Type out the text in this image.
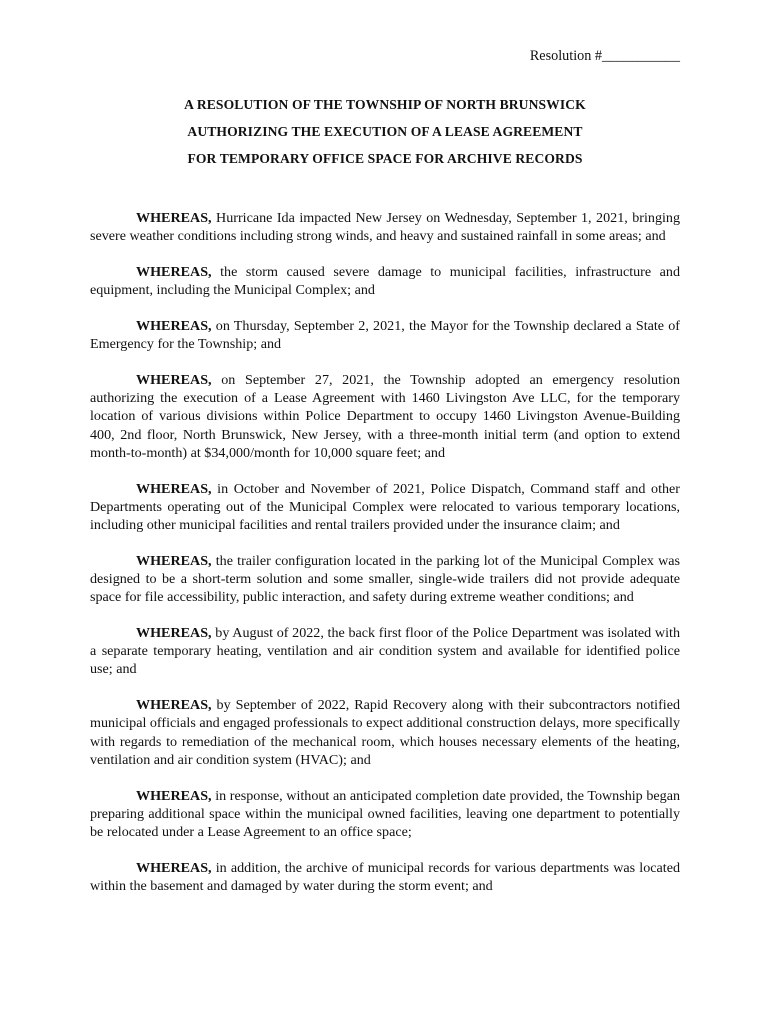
Resolution #___________
A RESOLUTION OF THE TOWNSHIP OF NORTH BRUNSWICK
AUTHORIZING THE EXECUTION OF A LEASE AGREEMENT
FOR TEMPORARY OFFICE SPACE FOR ARCHIVE RECORDS

WHEREAS, Hurricane Ida impacted New Jersey on Wednesday, September 1, 2021, bringing severe weather conditions including strong winds, and heavy and sustained rainfall in some areas; and

WHEREAS, the storm caused severe damage to municipal facilities, infrastructure and equipment, including the Municipal Complex; and

WHEREAS, on Thursday, September 2, 2021, the Mayor for the Township declared a State of Emergency for the Township; and

WHEREAS, on September 27, 2021, the Township adopted an emergency resolution authorizing the execution of a Lease Agreement with 1460 Livingston Ave LLC, for the temporary location of various divisions within Police Department to occupy 1460 Livingston Avenue-Building 400, 2nd floor, North Brunswick, New Jersey, with a three-month initial term (and option to extend month-to-month) at $34,000/month for 10,000 square feet; and

WHEREAS, in October and November of 2021, Police Dispatch, Command staff and other Departments operating out of the Municipal Complex were relocated to various temporary locations, including other municipal facilities and rental trailers provided under the insurance claim; and

WHEREAS, the trailer configuration located in the parking lot of the Municipal Complex was designed to be a short-term solution and some smaller, single-wide trailers did not provide adequate space for file accessibility, public interaction, and safety during extreme weather conditions; and

WHEREAS, by August of 2022, the back first floor of the Police Department was isolated with a separate temporary heating, ventilation and air condition system and available for identified police use; and

WHEREAS, by September of 2022, Rapid Recovery along with their subcontractors notified municipal officials and engaged professionals to expect additional construction delays, more specifically with regards to remediation of the mechanical room, which houses necessary elements of the heating, ventilation and air condition system (HVAC); and

WHEREAS, in response, without an anticipated completion date provided, the Township began preparing additional space within the municipal owned facilities, leaving one department to potentially be relocated under a Lease Agreement to an office space;

WHEREAS, in addition, the archive of municipal records for various departments was located within the basement and damaged by water during the storm event; and
